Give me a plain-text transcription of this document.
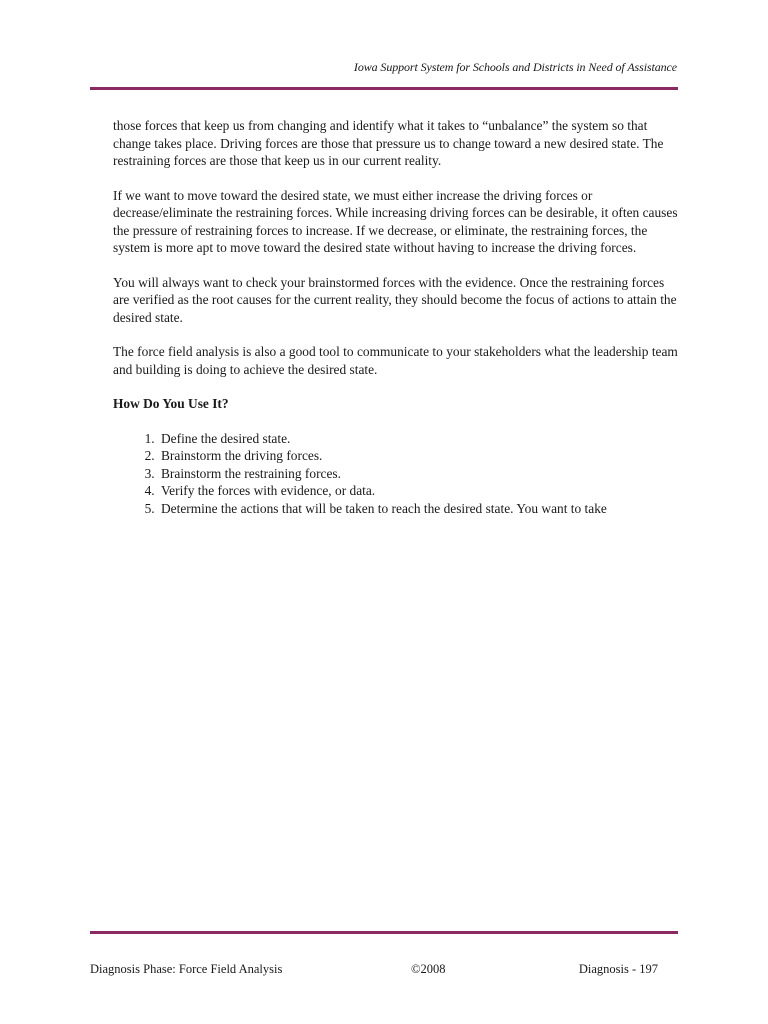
Iowa Support System for Schools and Districts in Need of Assistance

those forces that keep us from changing and identify what it takes to “unbalance” the system so that change takes place. Driving forces are those that pressure us to change toward a new desired state. The restraining forces are those that keep us in our current reality.

If we want to move toward the desired state, we must either increase the driving forces or decrease/eliminate the restraining forces. While increasing driving forces can be desirable, it often causes the pressure of restraining forces to increase. If we decrease, or eliminate, the restraining forces, the system is more apt to move toward the desired state without having to increase the driving forces.

You will always want to check your brainstormed forces with the evidence. Once the restraining forces are verified as the root causes for the current reality, they should become the focus of actions to attain the desired state.

The force field analysis is also a good tool to communicate to your stakeholders what the leadership team and building is doing to achieve the desired state.

How Do You Use It?
1. Define the desired state.
2. Brainstorm the driving forces.
3. Brainstorm the restraining forces.
4. Verify the forces with evidence, or data.
5. Determine the actions that will be taken to reach the desired state. You want to take
Diagnosis Phase: Force Field Analysis	©2008	Diagnosis - 197
